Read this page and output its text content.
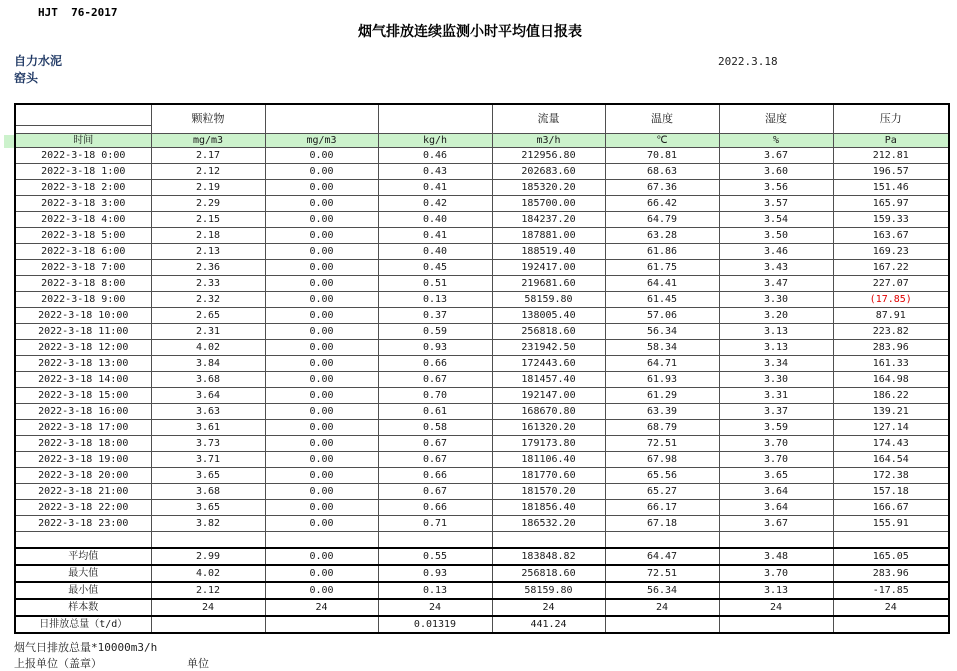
HJT  76-2017
烟气排放连续监测小时平均值日报表
自力水泥
窑头
2022.3.18
	颗粒物			流量	温度	湿度	压力

时间	mg/m3	mg/m3	kg/h	m3/h	℃	%	Pa
2022-3-18 0:00	2.17	0.00	0.46	212956.80	70.81	3.67	212.81
2022-3-18 1:00	2.12	0.00	0.43	202683.60	68.63	3.60	196.57
2022-3-18 2:00	2.19	0.00	0.41	185320.20	67.36	3.56	151.46
2022-3-18 3:00	2.29	0.00	0.42	185700.00	66.42	3.57	165.97
2022-3-18 4:00	2.15	0.00	0.40	184237.20	64.79	3.54	159.33
2022-3-18 5:00	2.18	0.00	0.41	187881.00	63.28	3.50	163.67
2022-3-18 6:00	2.13	0.00	0.40	188519.40	61.86	3.46	169.23
2022-3-18 7:00	2.36	0.00	0.45	192417.00	61.75	3.43	167.22
2022-3-18 8:00	2.33	0.00	0.51	219681.60	64.41	3.47	227.07
2022-3-18 9:00	2.32	0.00	0.13	58159.80	61.45	3.30	(17.85)
2022-3-18 10:00	2.65	0.00	0.37	138005.40	57.06	3.20	87.91
2022-3-18 11:00	2.31	0.00	0.59	256818.60	56.34	3.13	223.82
2022-3-18 12:00	4.02	0.00	0.93	231942.50	58.34	3.13	283.96
2022-3-18 13:00	3.84	0.00	0.66	172443.60	64.71	3.34	161.33
2022-3-18 14:00	3.68	0.00	0.67	181457.40	61.93	3.30	164.98
2022-3-18 15:00	3.64	0.00	0.70	192147.00	61.29	3.31	186.22
2022-3-18 16:00	3.63	0.00	0.61	168670.80	63.39	3.37	139.21
2022-3-18 17:00	3.61	0.00	0.58	161320.20	68.79	3.59	127.14
2022-3-18 18:00	3.73	0.00	0.67	179173.80	72.51	3.70	174.43
2022-3-18 19:00	3.71	0.00	0.67	181106.40	67.98	3.70	164.54
2022-3-18 20:00	3.65	0.00	0.66	181770.60	65.56	3.65	172.38
2022-3-18 21:00	3.68	0.00	0.67	181570.20	65.27	3.64	157.18
2022-3-18 22:00	3.65	0.00	0.66	181856.40	66.17	3.64	166.67
2022-3-18 23:00	3.82	0.00	0.71	186532.20	67.18	3.67	155.91

平均值	2.99	0.00	0.55	183848.82	64.47	3.48	165.05
最大值	4.02	0.00	0.93	256818.60	72.51	3.70	283.96
最小值	2.12	0.00	0.13	58159.80	56.34	3.13	-17.85
样本数	24	24	24	24	24	24	24
日排放总量（t/d）			0.01319	441.24			
烟气日排放总量*10000m3/h
上报单位（盖章）	单位
